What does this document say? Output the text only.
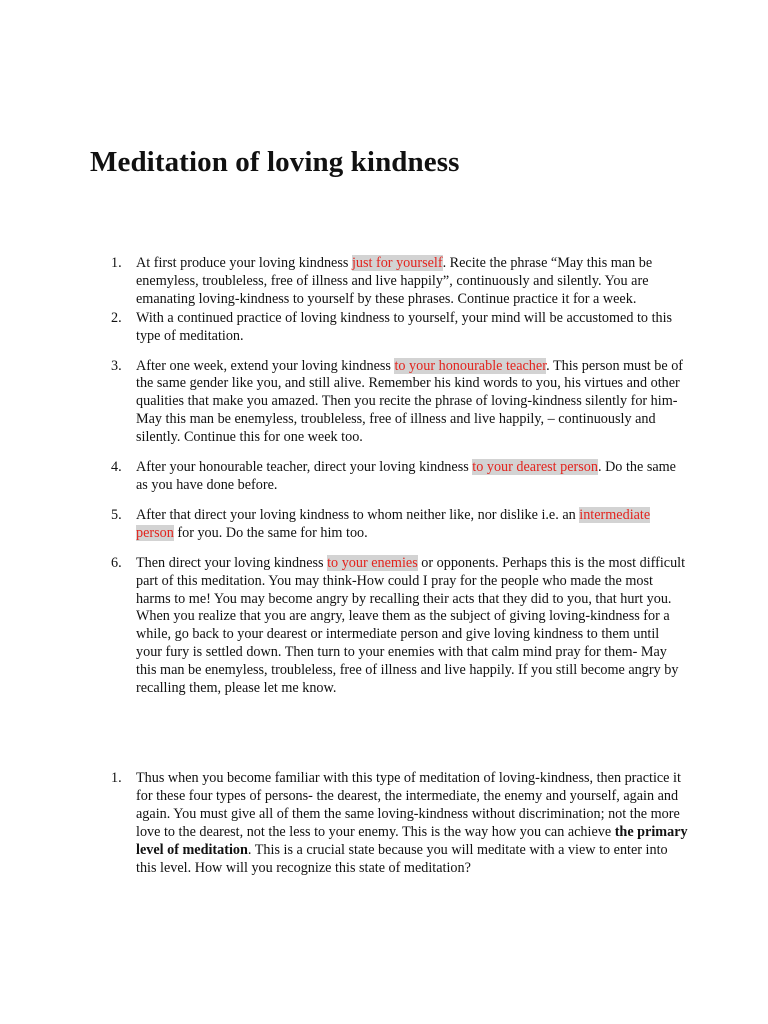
Meditation of loving kindness
1. At first produce your loving kindness just for yourself. Recite the phrase “May this man be enemyless, troubleless, free of illness and live happily”, continuously and silently. You are emanating loving-kindness to yourself by these phrases. Continue practice it for a week.
2. With a continued practice of loving kindness to yourself, your mind will be accustomed to this type of meditation.
3. After one week, extend your loving kindness to your honourable teacher. This person must be of the same gender like you, and still alive. Remember his kind words to you, his virtues and other qualities that make you amazed. Then you recite the phrase of loving-kindness silently for him- May this man be enemyless, troubleless, free of illness and live happily, – continuously and silently. Continue this for one week too.
4. After your honourable teacher, direct your loving kindness to your dearest person. Do the same as you have done before.
5. After that direct your loving kindness to whom neither like, nor dislike i.e. an intermediate person for you. Do the same for him too.
6. Then direct your loving kindness to your enemies or opponents. Perhaps this is the most difficult part of this meditation. You may think-How could I pray for the people who made the most harms to me! You may become angry by recalling their acts that they did to you, that hurt you. When you realize that you are angry, leave them as the subject of giving loving-kindness for a while, go back to your dearest or intermediate person and give loving kindness to them until your fury is settled down. Then turn to your enemies with that calm mind pray for them- May this man be enemyless, troubleless, free of illness and live happily. If you still become angry by recalling them, please let me know.
1. Thus when you become familiar with this type of meditation of loving-kindness, then practice it for these four types of persons- the dearest, the intermediate, the enemy and yourself, again and again. You must give all of them the same loving-kindness without discrimination; not the more love to the dearest, not the less to your enemy. This is the way how you can achieve the primary level of meditation. This is a crucial state because you will meditate with a view to enter into this level. How will you recognize this state of meditation?
